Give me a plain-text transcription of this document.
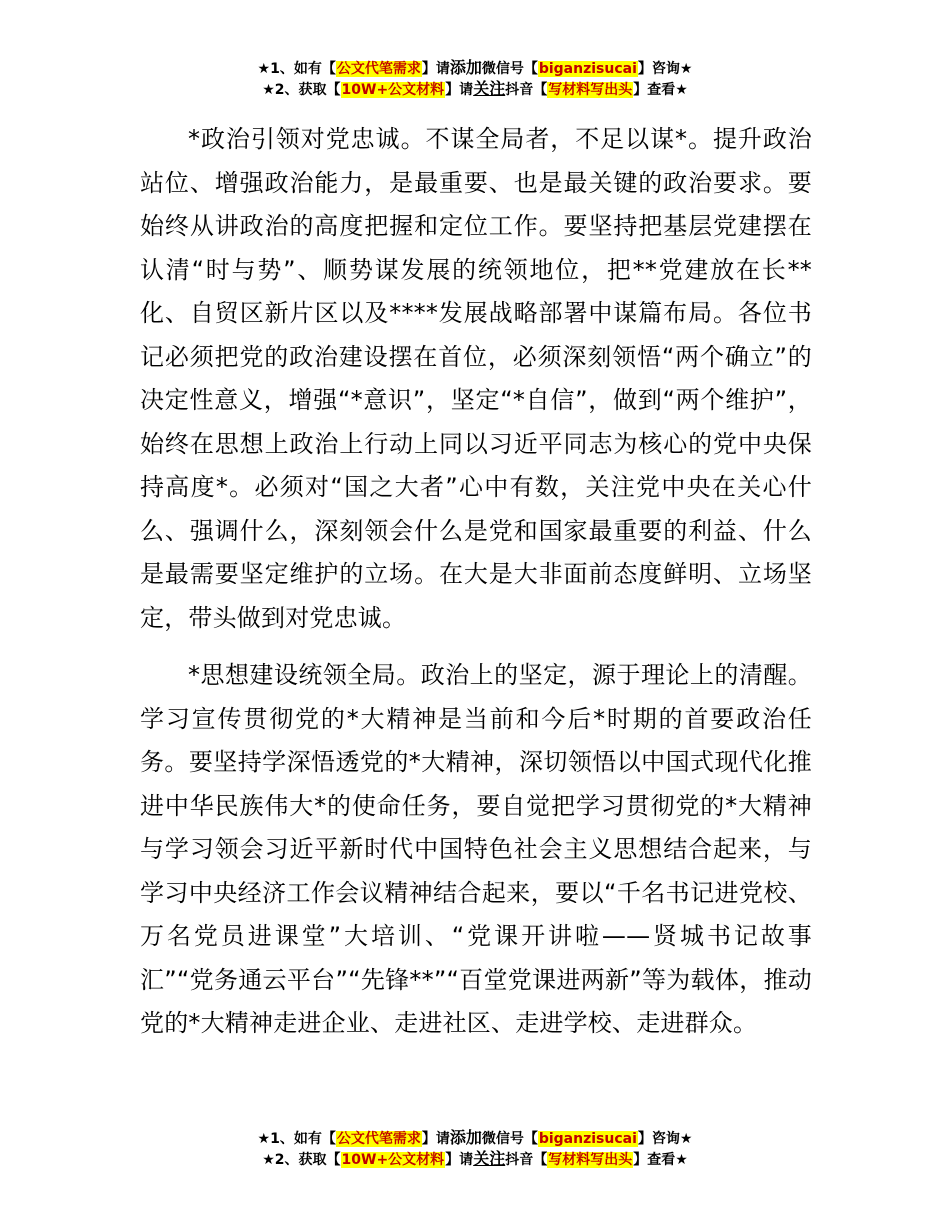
★1、如有【公文代笔需求】请添加微信号【biganzisucai】咨询★
★2、获取【10W+公文材料】请关注抖音【写材料写出头】查看★

*政治引领对党忠诚。不谋全局者，不足以谋*。提升政治站位、增强政治能力，是最重要、也是最关键的政治要求。要始终从讲政治的高度把握和定位工作。要坚持把基层党建摆在认清“时与势”、顺势谋发展的统领地位，把**党建放在长**化、自贸区新片区以及****发展战略部署中谋篇布局。各位书记必须把党的政治建设摆在首位，必须深刻领悟“两个确立”的决定性意义，增强“*意识”，坚定“*自信”，做到“两个维护”，始终在思想上政治上行动上同以习近平同志为核心的党中央保持高度*。必须对“国之大者”心中有数，关注党中央在关心什么、强调什么，深刻领会什么是党和国家最重要的利益、什么是最需要坚定维护的立场。在大是大非面前态度鲜明、立场坚定，带头做到对党忠诚。

*思想建设统领全局。政治上的坚定，源于理论上的清醒。学习宣传贯彻党的*大精神是当前和今后*时期的首要政治任务。要坚持学深悟透党的*大精神，深切领悟以中国式现代化推进中华民族伟大*的使命任务，要自觉把学习贯彻党的*大精神与学习领会习近平新时代中国特色社会主义思想结合起来，与学习中央经济工作会议精神结合起来，要以“千名书记进党校、万名党员进课堂”大培训、“党课开讲啦——贤城书记故事汇”“党务通云平台”“先锋**”“百堂党课进两新”等为载体，推动党的*大精神走进企业、走进社区、走进学校、走进群众。

★1、如有【公文代笔需求】请添加微信号【biganzisucai】咨询★
★2、获取【10W+公文材料】请关注抖音【写材料写出头】查看★
